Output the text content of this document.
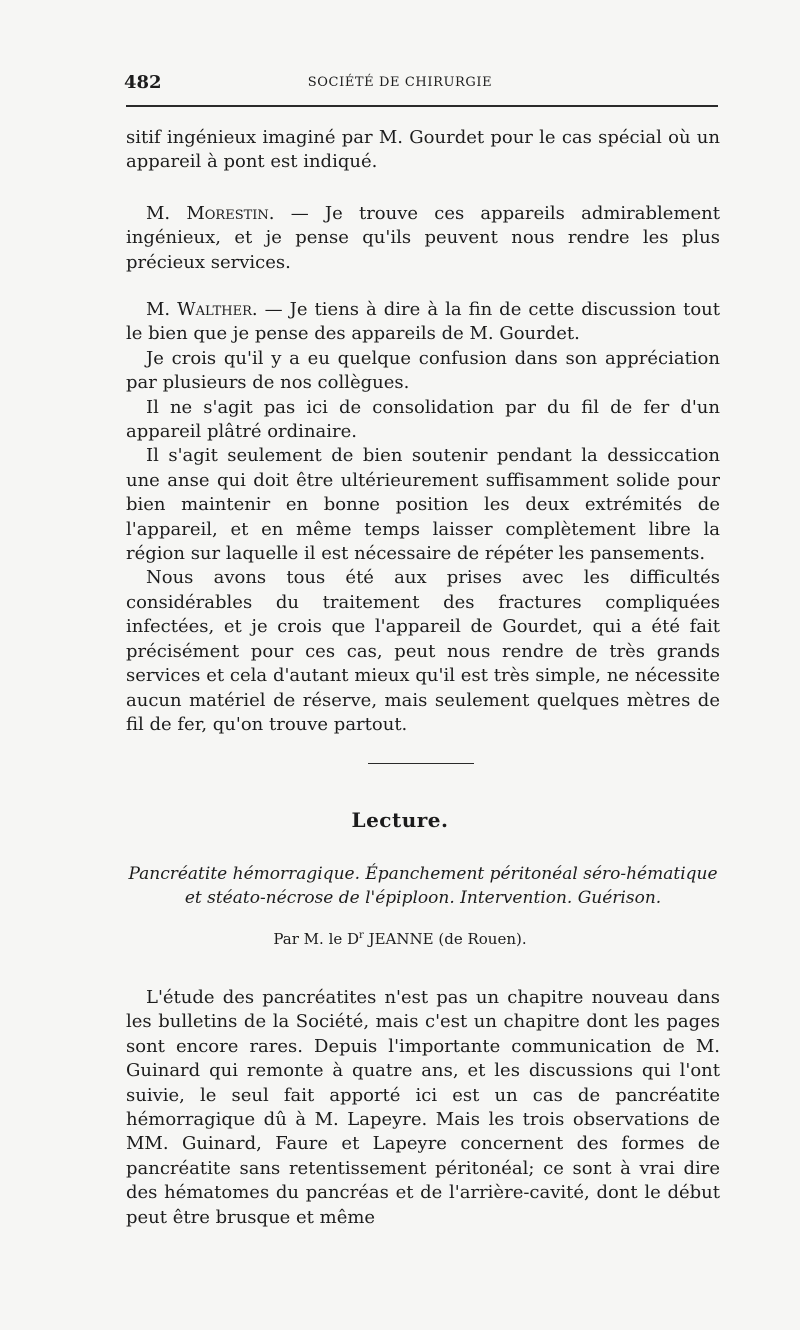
482	SOCIÉTÉ DE CHIRURGIE

sitif ingénieux imaginé par M. Gourdet pour le cas spécial où un appareil à pont est indiqué.

M. Morestin. — Je trouve ces appareils admirablement ingénieux, et je pense qu'ils peuvent nous rendre les plus précieux services.

M. Walther. — Je tiens à dire à la fin de cette discussion tout le bien que je pense des appareils de M. Gourdet.

Je crois qu'il y a eu quelque confusion dans son appréciation par plusieurs de nos collègues.

Il ne s'agit pas ici de consolidation par du fil de fer d'un appareil plâtré ordinaire.

Il s'agit seulement de bien soutenir pendant la dessiccation une anse qui doit être ultérieurement suffisamment solide pour bien maintenir en bonne position les deux extrémités de l'appareil, et en même temps laisser complètement libre la région sur laquelle il est nécessaire de répéter les pansements.

Nous avons tous été aux prises avec les difficultés considérables du traitement des fractures compliquées infectées, et je crois que l'appareil de Gourdet, qui a été fait précisément pour ces cas, peut nous rendre de très grands services et cela d'autant mieux qu'il est très simple, ne nécessite aucun matériel de réserve, mais seulement quelques mètres de fil de fer, qu'on trouve partout.

Lecture.
Pancréatite hémorragique. Épanchement péritonéal séro-hématique
et stéato-nécrose de l'épiploon. Intervention. Guérison.
Par M. le $D^r$ JEANNE (de Rouen).

L'étude des pancréatites n'est pas un chapitre nouveau dans les bulletins de la Société, mais c'est un chapitre dont les pages sont encore rares. Depuis l'importante communication de M. Guinard qui remonte à quatre ans, et les discussions qui l'ont suivie, le seul fait apporté ici est un cas de pancréatite hémorragique dû à M. Lapeyre. Mais les trois observations de MM. Guinard, Faure et Lapeyre concernent des formes de pancréatite sans retentissement péritonéal; ce sont à vrai dire des hématomes du pancréas et de l'arrière-cavité, dont le début peut être brusque et même
